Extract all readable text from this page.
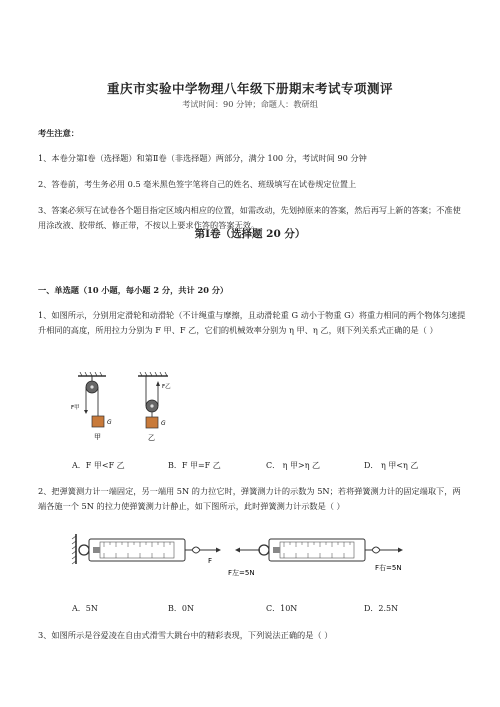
重庆市实验中学物理八年级下册期末考试专项测评
考试时间：90 分钟；命题人：教研组
考生注意：
1、本卷分第Ⅰ卷（选择题）和第Ⅱ卷（非选择题）两部分，满分 100 分，考试时间 90 分钟
2、答卷前，考生务必用 0.5 毫米黑色签字笔将自己的姓名、班级填写在试卷规定位置上
3、答案必须写在试卷各个题目指定区域内相应的位置，如需改动，先划掉原来的答案，然后再写上新的答案；不准使用涂改液、胶带纸、修正带，不按以上要求作答的答案无效。
第Ⅰ卷（选择题 20 分）
一、单选题（10 小题，每小题 2 分，共计 20 分）
1、如图所示，分别用定滑轮和动滑轮（不计绳重与摩擦，且动滑轮重 G 动小于物重 G）将重力相同的两个物体匀速提升相同的高度，所用拉力分别为 F 甲、F 乙，它们的机械效率分别为 η 甲、η 乙，则下列关系式正确的是（ ）
F甲
G
甲
F乙
G
乙
A．F 甲<F 乙	B．F 甲=F 乙	C． η 甲>η 乙	D． η 甲<η 乙
2、把弹簧测力计一端固定，另一端用 5N 的力拉它时，弹簧测力计的示数为 5N；若将弹簧测力计的固定端取下，两端各施一个 5N 的拉力使弹簧测力计静止，如下图所示，此时弹簧测力计示数是（ ）
F
F左=5N
F右=5N
A．5N	B．0N	C．10N	D．2.5N
3、如图所示是谷爱凌在自由式滑雪大跳台中的精彩表现，下列说法正确的是（ ）
